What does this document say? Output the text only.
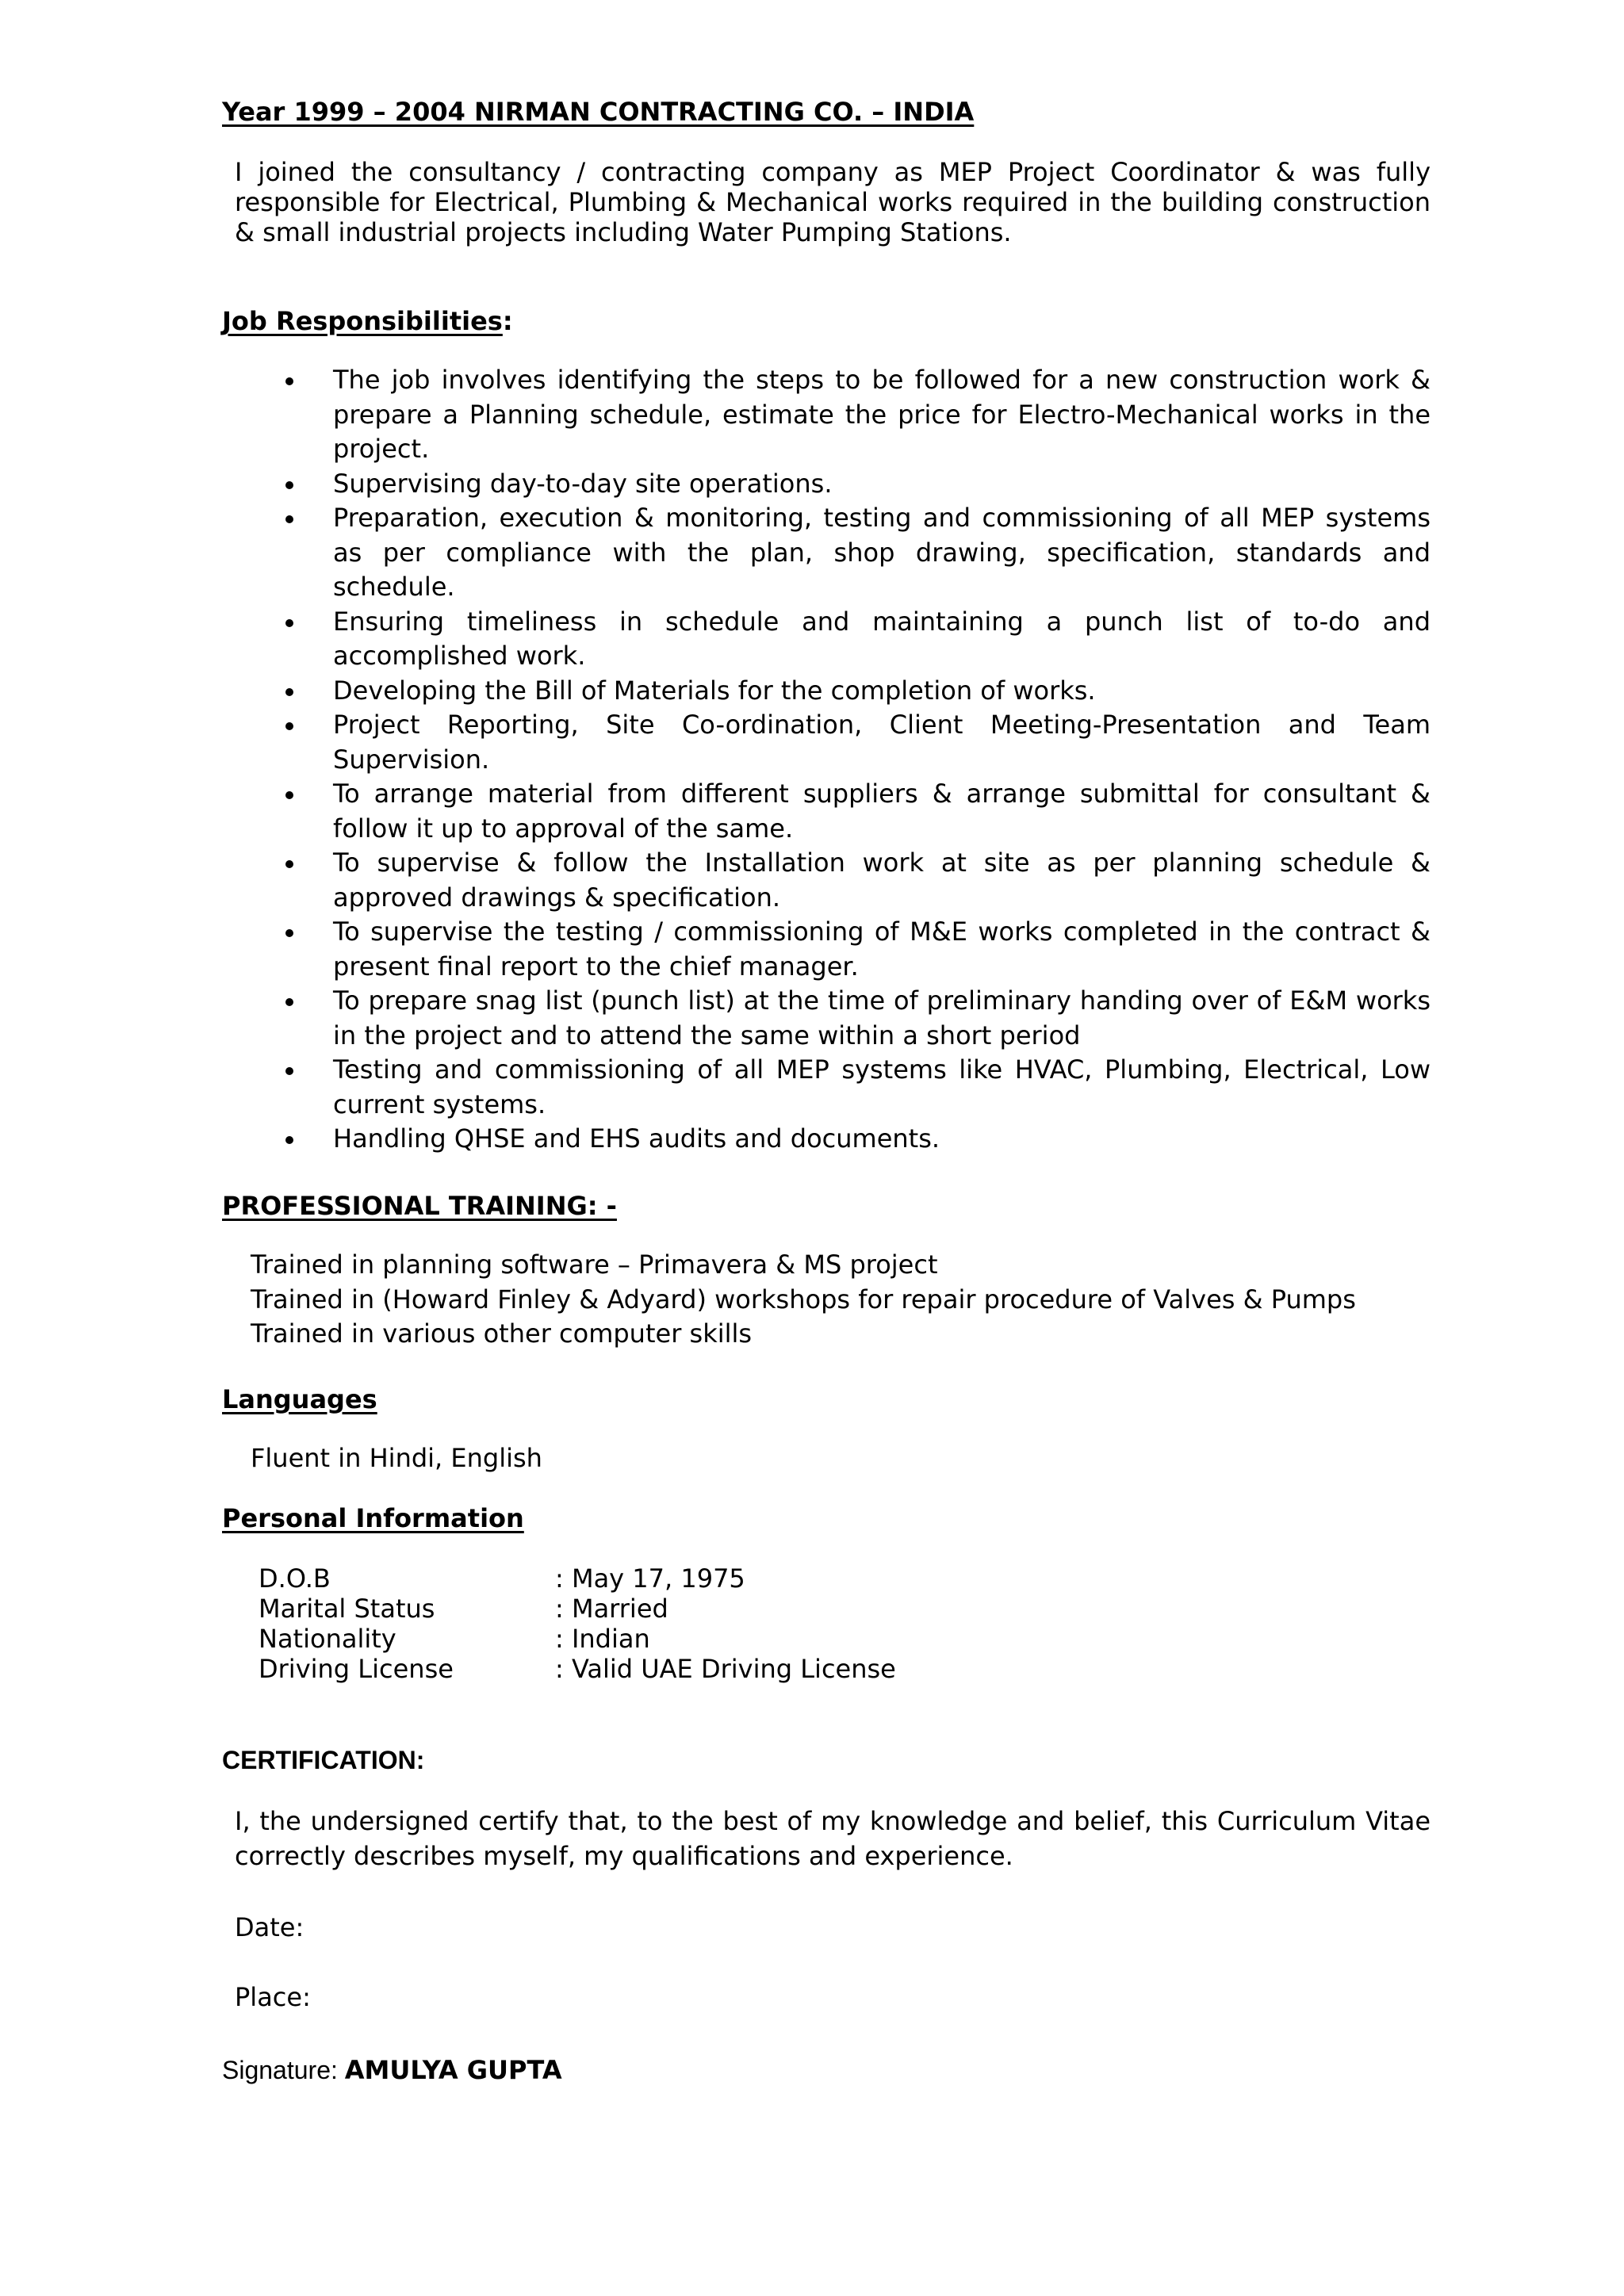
Year 1999 – 2004 NIRMAN CONTRACTING CO. – INDIA

I joined the consultancy / contracting company as MEP Project Coordinator & was fully responsible for Electrical, Plumbing & Mechanical works required in the building construction & small industrial projects including Water Pumping Stations.

Job Responsibilities:
The job involves identifying the steps to be followed for a new construction work & prepare a Planning schedule, estimate the price for Electro-Mechanical works in the project.
Supervising day-to-day site operations.
Preparation, execution & monitoring, testing and commissioning of all MEP systems as per compliance with the plan, shop drawing, specification, standards and schedule.
Ensuring timeliness in schedule and maintaining a punch list of to-do and accomplished work.
Developing the Bill of Materials for the completion of works.
Project Reporting, Site Co-ordination, Client Meeting-Presentation and Team Supervision.
To arrange material from different suppliers & arrange submittal for consultant & follow it up to approval of the same.
To supervise & follow the Installation work at site as per planning schedule & approved drawings & specification.
To supervise the testing / commissioning of M&E works completed in the contract & present final report to the chief manager.
To prepare snag list (punch list) at the time of preliminary handing over of E&M works in the project and to attend the same within a short period
Testing and commissioning of all MEP systems like HVAC, Plumbing, Electrical, Low current systems.
Handling QHSE and EHS audits and documents.
PROFESSIONAL TRAINING: -
Trained in planning software – Primavera & MS project
Trained in (Howard Finley & Adyard) workshops for repair procedure of Valves & Pumps
Trained in various other computer skills
Languages

Fluent in Hindi, English

Personal Information
D.O.B	: May 17, 1975
Marital Status	: Married
Nationality	: Indian
Driving License	: Valid UAE Driving License
CERTIFICATION:

I, the undersigned certify that, to the best of my knowledge and belief, this Curriculum Vitae correctly describes myself, my qualifications and experience.

Date:

Place:

Signature: AMULYA GUPTA
